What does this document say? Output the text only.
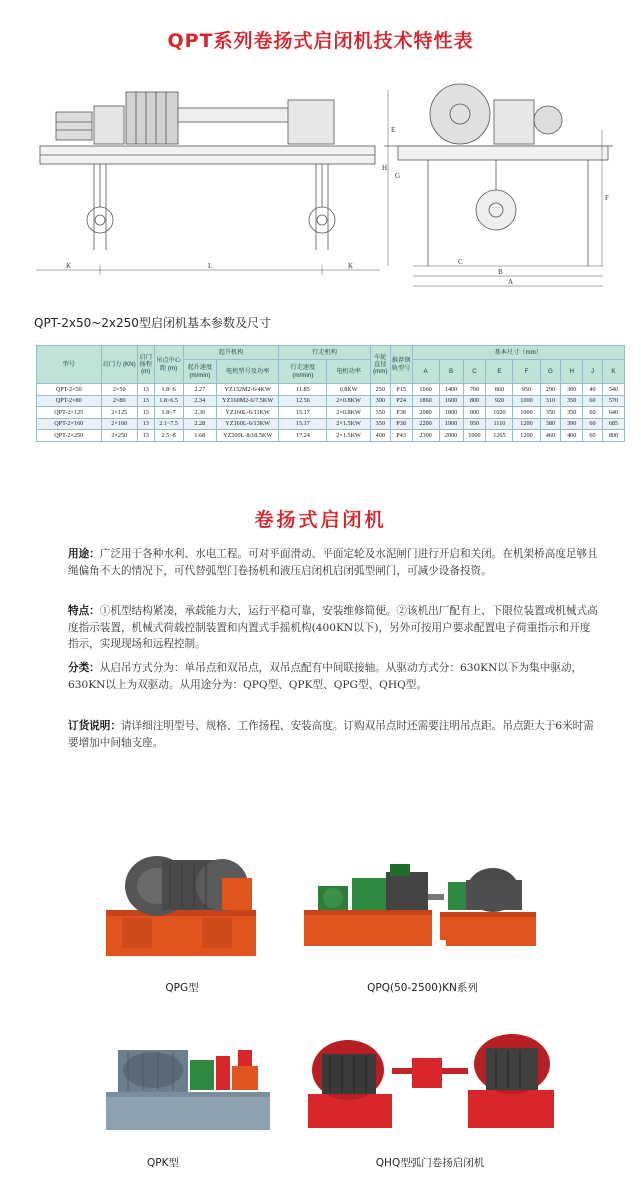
QPT系列卷扬式启闭机技术特性表
K	L	K
E
H
G
F
C
B
A
QPT-2x50~2x250型启闭机基本参数及尺寸
型号	启门力 (KN)	启门扬程 (m)	吊点中心距 (m)	起升机构		行走机构		车轮直径 (mm)	推荐钢轨型号	基本尺寸（mm）								
				起升速度 (m/min)	电机型号及功率	行走速度 (m/min)	电机功率			A	B	C	E	F	G	H	J	K
QPT-2×50	2×50	13	1.8~6	2.27	YZ132M2-6/4KW	11.85	0.8KW	250	P15	1660	1400	700	860	950	290	300	40	540
QPT-2×80	2×80	13	1.8~6.5	2.34	YZ160M2-6/7.5KW	12.56	2×0.8KW	300	P24	1860	1600	800	920	1000	310	350	60	570
QPT-2×125	2×125	13	1.8~7	2.30	YZ160L-6/11KW	15.17	2×0.8KW	350	P38	2080	1800	900	1020	1000	350	350	60	640
QPT-2×160	2×160	13	2.1~7.5	2.28	YZ160L-6/13KW	15.17	2×1.5KW	350	P38	2200	1900	950	1110	1200	380	390	60	685
QPT-2×250	2×250	13	2.5~8	1.68	YZ200L-8/18.5KW	17.24	2×1.5KW	400	P43	2300	2000	1000	1265	1200	460	400	60	800
卷扬式启闭机
用途：广泛用于各种水利、水电工程。可对平面滑动、平面定轮及水泥闸门进行开启和关闭。在机架桥高度足够且绳偏角不大的情况下，可代替弧型门卷扬机和液压启闭机启闭弧型闸门，可减少设备投资。
特点：①机型结构紧凑，承载能力大，运行平稳可靠，安装维修简便。②该机出厂配有上、下限位装置或机械式高度指示装置，机械式荷载控制装置和内置式手摇机构(400KN以下)，另外可按用户要求配置电子荷重指示和开度指示，实现现场和远程控制。
分类：从启吊方式分为：单吊点和双吊点，双吊点配有中间联接轴。从驱动方式分：630KN以下为集中驱动，630KN以上为双驱动。从用途分为：QPQ型、QPK型、QPG型、QHQ型。
订货说明：请详细注明型号、规格、工作扬程、安装高度。订购双吊点时还需要注明吊点距。吊点距大于6米时需要增加中间轴支座。
QPG型	QPQ(50-2500)KN系列
QPK型	QHQ型弧门卷扬启闭机
